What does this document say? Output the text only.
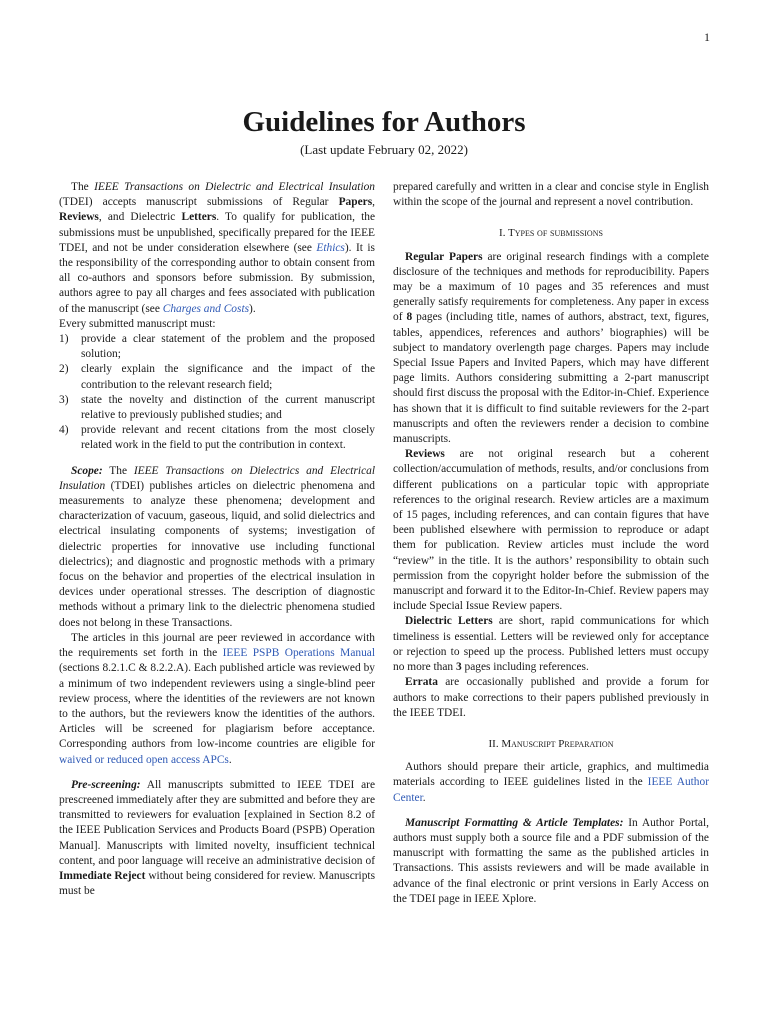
1
Guidelines for Authors
(Last update February 02, 2022)

The IEEE Transactions on Dielectric and Electrical Insulation (TDEI) accepts manuscript submissions of Regular Papers, Reviews, and Dielectric Letters. To qualify for publication, the submissions must be unpublished, specifically prepared for the IEEE TDEI, and not be under consideration elsewhere (see Ethics). It is the responsibility of the corresponding author to obtain consent from all co-authors and sponsors before submission. By submission, authors agree to pay all charges and fees associated with publication of the manuscript (see Charges and Costs).

Every submitted manuscript must:

1) provide a clear statement of the problem and the proposed solution;
2) clearly explain the significance and the impact of the contribution to the relevant research field;
3) state the novelty and distinction of the current manuscript relative to previously published studies; and
4) provide relevant and recent citations from the most closely related work in the field to put the contribution in context.

Scope: The IEEE Transactions on Dielectrics and Electrical Insulation (TDEI) publishes articles on dielectric phenomena and measurements to analyze these phenomena; development and characterization of vacuum, gaseous, liquid, and solid dielectrics and electrical insulating components of systems; investigation of dielectric properties for innovative use including functional dielectrics); and diagnostic and prognostic methods with a primary focus on the behavior and properties of the electrical insulation in devices under operational stresses. The description of diagnostic methods without a primary link to the dielectric phenomena studied does not belong in these Transactions.

The articles in this journal are peer reviewed in accordance with the requirements set forth in the IEEE PSPB Operations Manual (sections 8.2.1.C & 8.2.2.A). Each published article was reviewed by a minimum of two independent reviewers using a single-blind peer review process, where the identities of the reviewers are not known to the authors, but the reviewers know the identities of the authors. Articles will be screened for plagiarism before acceptance. Corresponding authors from low-income countries are eligible for waived or reduced open access APCs.

Pre-screening: All manuscripts submitted to IEEE TDEI are prescreened immediately after they are submitted and before they are transmitted to reviewers for evaluation [explained in Section 8.2 of the IEEE Publication Services and Products Board (PSPB) Operation Manual]. Manuscripts with limited novelty, insufficient technical content, and poor language will receive an administrative decision of Immediate Reject without being considered for review. Manuscripts must be

prepared carefully and written in a clear and concise style in English within the scope of the journal and represent a novel contribution.

I. Types of submissions

Regular Papers are original research findings with a complete disclosure of the techniques and methods for reproducibility. Papers may be a maximum of 10 pages and 35 references and must generally satisfy requirements for completeness. Any paper in excess of 8 pages (including title, names of authors, abstract, text, figures, tables, appendices, references and authors’ biographies) will be subject to mandatory overlength page charges. Papers may include Special Issue Papers and Invited Papers, which may have different page limits. Authors considering submitting a 2-part manuscript should first discuss the proposal with the Editor-in-Chief. Experience has shown that it is difficult to find suitable reviewers for the 2-part manuscripts and often the reviewers render a decision to combine manuscripts.

Reviews are not original research but a coherent collection/accumulation of methods, results, and/or conclusions from different publications on a particular topic with appropriate references to the original research. Review articles are a maximum of 15 pages, including references, and can contain figures that have been published elsewhere with permission to reproduce or adapt them for publication. Review articles must include the word “review” in the title. It is the authors’ responsibility to obtain such permission from the copyright holder before the submission of the manuscript and forward it to the Editor-In-Chief. Review papers may include Special Issue Review papers.

Dielectric Letters are short, rapid communications for which timeliness is essential. Letters will be reviewed only for acceptance or rejection to speed up the process. Published letters must occupy no more than 3 pages including references.

Errata are occasionally published and provide a forum for authors to make corrections to their papers published previously in the IEEE TDEI.

II. Manuscript Preparation

Authors should prepare their article, graphics, and multimedia materials according to IEEE guidelines listed in the IEEE Author Center.

Manuscript Formatting & Article Templates: In Author Portal, authors must supply both a source file and a PDF submission of the manuscript with formatting the same as the published articles in Transactions. This assists reviewers and will be made available in advance of the final electronic or print versions in Early Access on the TDEI page in IEEE Xplore.
